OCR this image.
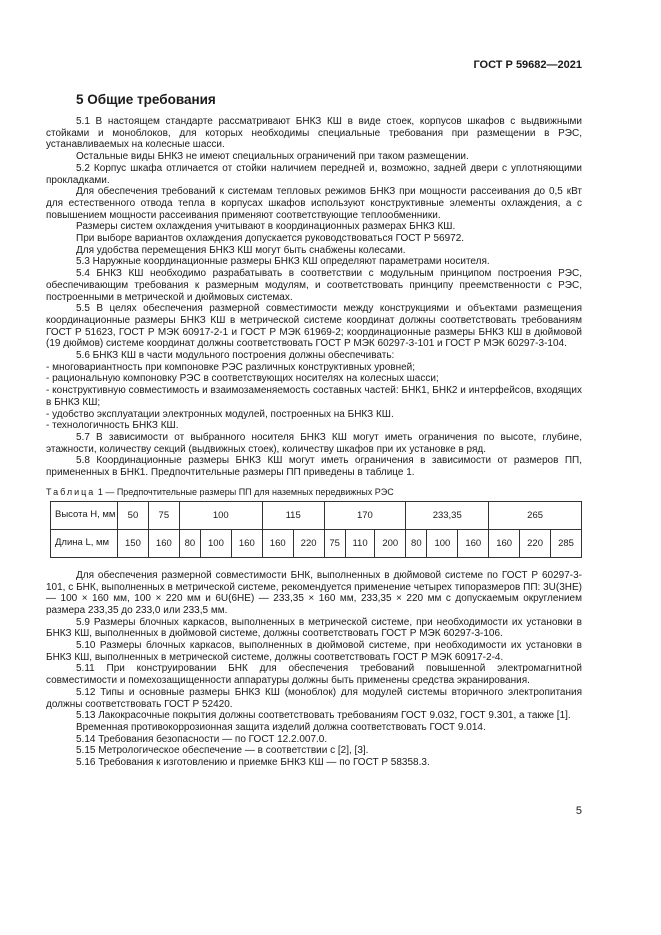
ГОСТ Р 59682—2021
5 Общие требования

5.1 В настоящем стандарте рассматривают БНКЗ КШ в виде стоек, корпусов шкафов с выдвижными стойками и моноблоков, для которых необходимы специальные требования при размещении в РЭС, устанавливаемых на колесные шасси.

Остальные виды БНКЗ не имеют специальных ограничений при таком размещении.

5.2 Корпус шкафа отличается от стойки наличием передней и, возможно, задней двери с уплотняющими прокладками.

Для обеспечения требований к системам тепловых режимов БНКЗ при мощности рассеивания до 0,5 кВт для естественного отвода тепла в корпусах шкафов используют конструктивные элементы охлаждения, а с повышением мощности рассеивания применяют соответствующие теплообменники.

Размеры систем охлаждения учитывают в координационных размерах БНКЗ КШ.

При выборе вариантов охлаждения допускается руководствоваться ГОСТ Р 56972.

Для удобства перемещения БНКЗ КШ могут быть снабжены колесами.

5.3 Наружные координационные размеры БНКЗ КШ определяют параметрами носителя.

5.4 БНКЗ КШ необходимо разрабатывать в соответствии с модульным принципом построения РЭС, обеспечивающим требования к размерным модулям, и соответствовать принципу преемственности с РЭС, построенными в метрической и дюймовых системах.

5.5 В целях обеспечения размерной совместимости между конструкциями и объектами размещения координационные размеры БНКЗ КШ в метрической системе координат должны соответствовать требованиям ГОСТ Р 51623, ГОСТ Р МЭК 60917-2-1 и ГОСТ Р МЭК 61969-2; координационные размеры БНКЗ КШ в дюймовой (19 дюймов) системе координат должны соответствовать ГОСТ Р МЭК 60297-3-101 и ГОСТ Р МЭК 60297-3-104.

5.6 БНКЗ КШ в части модульного построения должны обеспечивать:

- многовариантность при компоновке РЭС различных конструктивных уровней;

- рациональную компоновку РЭС в соответствующих носителях на колесных шасси;

- конструктивную совместимость и взаимозаменяемость составных частей: БНК1, БНК2 и интерфейсов, входящих в БНКЗ КШ;

- удобство эксплуатации электронных модулей, построенных на БНКЗ КШ.

- технологичность БНКЗ КШ.

5.7 В зависимости от выбранного носителя БНКЗ КШ могут иметь ограничения по высоте, глубине, этажности, количеству секций (выдвижных стоек), количеству шкафов при их установке в ряд.

5.8 Координационные размеры БНКЗ КШ могут иметь ограничения в зависимости от размеров ПП, примененных в БНК1. Предпочтительные размеры ПП приведены в таблице 1.

Таблица 1 — Предпочтительные размеры ПП для наземных передвижных РЭС
Высота H, мм	50	75	100			115		170			233,35			265		
Длина L, мм	150	160	80	100	160	160	220	75	110	200	80	100	160	160	220	285

Для обеспечения размерной совместимости БНК, выполненных в дюймовой системе по ГОСТ Р 60297-3-101, с БНК, выполненных в метрической системе, рекомендуется применение четырех типоразмеров ПП: 3U(3НЕ) — 100 × 160 мм, 100 × 220 мм и 6U(6НЕ) — 233,35 × 160 мм, 233,35 × 220 мм с допускаемым округлением размера 233,35 до 233,0 или 233,5 мм.

5.9 Размеры блочных каркасов, выполненных в метрической системе, при необходимости их установки в БНКЗ КШ, выполненных в дюймовой системе, должны соответствовать ГОСТ Р МЭК 60297-3-106.

5.10 Размеры блочных каркасов, выполненных в дюймовой системе, при необходимости их установки в БНКЗ КШ, выполненных в метрической системе, должны соответствовать ГОСТ Р МЭК 60917-2-4.

5.11 При конструировании БНК для обеспечения требований повышенной электромагнитной совместимости и помехозащищенности аппаратуры должны быть применены средства экранирования.

5.12 Типы и основные размеры БНКЗ КШ (моноблок) для модулей системы вторичного электропитания должны соответствовать ГОСТ Р 52420.

5.13 Лакокрасочные покрытия должны соответствовать требованиям ГОСТ 9.032, ГОСТ 9.301, а также [1].

Временная противокоррозионная защита изделий должна соответствовать ГОСТ 9.014.

5.14 Требования безопасности — по ГОСТ 12.2.007.0.

5.15 Метрологическое обеспечение — в соответствии с [2], [3].

5.16 Требования к изготовлению и приемке БНКЗ КШ — по ГОСТ Р 58358.3.

5
